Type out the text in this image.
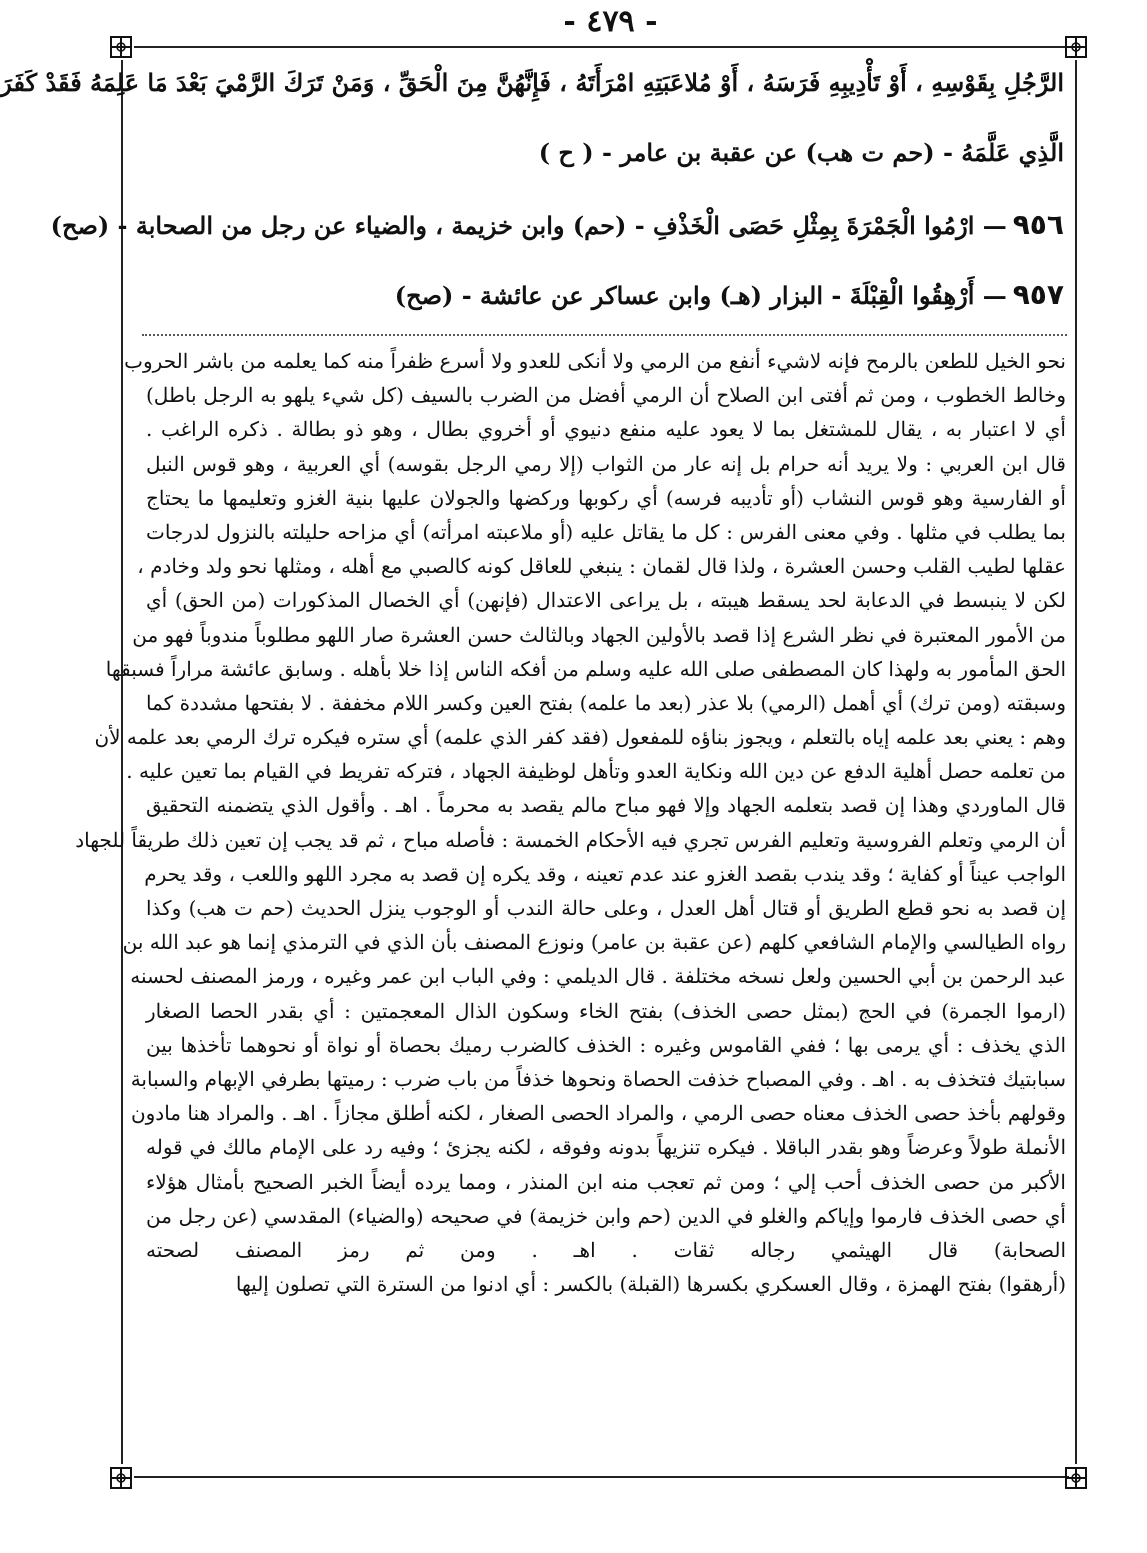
- ٤٧٩ -
الرَّجُلِ بِقَوْسِهِ ، أَوْ تَأْدِيبِهِ فَرَسَهُ ، أَوْ مُلاعَبَتِهِ امْرَأَتَهُ ، فَإِنَّهُنَّ مِنَ الْحَقِّ ، وَمَنْ تَرَكَ الرَّمْيَ بَعْدَ مَا عَلِمَهُ فَقَدْ كَفَرَ
الَّذِي عَلَّمَهُ - (حم ت هب) عن عقبة بن عامر - ( ح )
٩٥٦— ارْمُوا الْجَمْرَةَ بِمِثْلِ حَصَى الْخَذْفِ - (حم) وابن خزيمة ، والضياء عن رجل من الصحابة - (صح)
٩٥٧— أَرْهِقُوا الْقِبْلَةَ - البزار (هـ) وابن عساكر عن عائشة - (صح)
نحو الخيل للطعن بالرمح فإنه لاشيء أنفع من الرمي ولا أنكى للعدو ولا أسرع ظفراً منه كما يعلمه من باشر الحروب
وخالط الخطوب ، ومن ثم أفتى ابن الصلاح أن الرمي أفضل من الضرب بالسيف (كل شيء يلهو به الرجل باطل)
أي لا اعتبار به ، يقال للمشتغل بما لا يعود عليه منفع دنيوي أو أخروي بطال ، وهو ذو بطالة . ذكره الراغب .
قال ابن العربي : ولا يريد أنه حرام بل إنه عار من الثواب (إلا رمي الرجل بقوسه) أي العربية ، وهو قوس النبل
أو الفارسية وهو قوس النشاب (أو تأديبه فرسه) أي ركوبها وركضها والجولان عليها بنية الغزو وتعليمها ما يحتاج
بما يطلب في مثلها . وفي معنى الفرس : كل ما يقاتل عليه (أو ملاعبته امرأته) أي مزاحه حليلته بالنزول لدرجات
عقلها لطيب القلب وحسن العشرة ، ولذا قال لقمان : ينبغي للعاقل كونه كالصبي مع أهله ، ومثلها نحو ولد وخادم ،
لكن لا ينبسط في الدعابة لحد يسقط هيبته ، بل يراعى الاعتدال (فإنهن) أي الخصال المذكورات (من الحق) أي
من الأمور المعتبرة في نظر الشرع إذا قصد بالأولين الجهاد وبالثالث حسن العشرة صار اللهو مطلوباً مندوباً فهو من
الحق المأمور به ولهذا كان المصطفى صلى الله عليه وسلم من أفكه الناس إذا خلا بأهله . وسابق عائشة مراراً فسبقها
وسبقته (ومن ترك) أي أهمل (الرمي) بلا عذر (بعد ما علمه) بفتح العين وكسر اللام مخففة . لا بفتحها مشددة كما
وهم : يعني بعد علمه إياه بالتعلم ، ويجوز بناؤه للمفعول (فقد كفر الذي علمه) أي ستره فيكره ترك الرمي بعد علمه لأن
من تعلمه حصل أهلية الدفع عن دين الله ونكاية العدو وتأهل لوظيفة الجهاد ، فتركه تفريط في القيام بما تعين عليه .
قال الماوردي وهذا إن قصد بتعلمه الجهاد وإلا فهو مباح مالم يقصد به محرماً . اهـ . وأقول الذي يتضمنه التحقيق
أن الرمي وتعلم الفروسية وتعليم الفرس تجري فيه الأحكام الخمسة : فأصله مباح ، ثم قد يجب إن تعين ذلك طريقاً للجهاد
الواجب عيناً أو كفاية ؛ وقد يندب بقصد الغزو عند عدم تعينه ، وقد يكره إن قصد به مجرد اللهو واللعب ، وقد يحرم
إن قصد به نحو قطع الطريق أو قتال أهل العدل ، وعلى حالة الندب أو الوجوب ينزل الحديث (حم ت هب) وكذا
رواه الطيالسي والإمام الشافعي كلهم (عن عقبة بن عامر) ونوزع المصنف بأن الذي في الترمذي إنما هو عبد الله بن
عبد الرحمن بن أبي الحسين ولعل نسخه مختلفة . قال الديلمي : وفي الباب ابن عمر وغيره ، ورمز المصنف لحسنه
(ارموا الجمرة) في الحج (بمثل حصى الخذف) بفتح الخاء وسكون الذال المعجمتين : أي بقدر الحصا الصغار
الذي يخذف : أي يرمى بها ؛ ففي القاموس وغيره : الخذف كالضرب رميك بحصاة أو نواة أو نحوهما تأخذها بين
سبابتيك فتخذف به . اهـ . وفي المصباح خذفت الحصاة ونحوها خذفاً من باب ضرب : رميتها بطرفي الإبهام والسبابة
وقولهم بأخذ حصى الخذف معناه حصى الرمي ، والمراد الحصى الصغار ، لكنه أطلق مجازاً . اهـ . والمراد هنا مادون
الأنملة طولاً وعرضاً وهو بقدر الباقلا . فيكره تنزيهاً بدونه وفوقه ، لكنه يجزئ ؛ وفيه رد على الإمام مالك في قوله
الأكبر من حصى الخذف أحب إلي ؛ ومن ثم تعجب منه ابن المنذر ، ومما يرده أيضاً الخبر الصحيح بأمثال هؤلاء
أي حصى الخذف فارموا وإياكم والغلو في الدين (حم وابن خزيمة) في صحيحه (والضياء) المقدسي (عن رجل من
الصحابة) قال الهيثمي رجاله ثقات . اهـ . ومن ثم رمز المصنف لصحته
(أرهقوا) بفتح الهمزة ، وقال العسكري بكسرها (القبلة) بالكسر : أي ادنوا من السترة التي تصلون إليها
